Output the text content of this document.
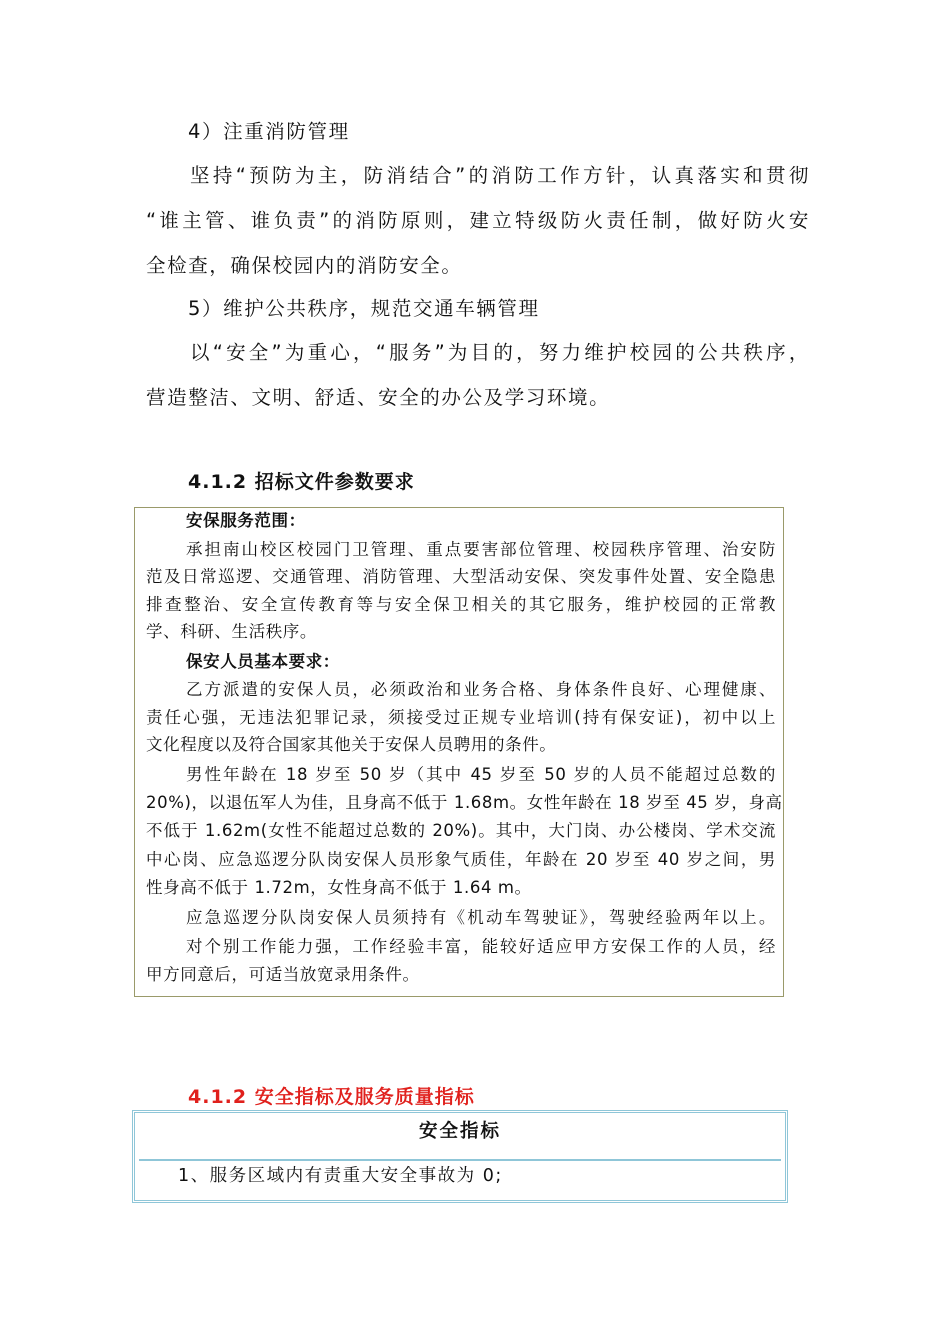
4）注重消防管理
坚持“预防为主，防消结合”的消防工作方针，认真落实和贯彻
“谁主管、谁负责”的消防原则，建立特级防火责任制，做好防火安
全检查，确保校园内的消防安全。
5）维护公共秩序，规范交通车辆管理
以“安全”为重心，“服务”为目的，努力维护校园的公共秩序，
营造整洁、文明、舒适、安全的办公及学习环境。
4.1.2 招标文件参数要求
安保服务范围：
承担南山校区校园门卫管理、重点要害部位管理、校园秩序管理、治安防
范及日常巡逻、交通管理、消防管理、大型活动安保、突发事件处置、安全隐患
排查整治、安全宣传教育等与安全保卫相关的其它服务，维护校园的正常教
学、科研、生活秩序。
保安人员基本要求：
乙方派遣的安保人员，必须政治和业务合格、身体条件良好、心理健康、
责任心强，无违法犯罪记录，须接受过正规专业培训(持有保安证)，初中以上
文化程度以及符合国家其他关于安保人员聘用的条件。
男性年龄在 18 岁至 50 岁（其中 45 岁至 50 岁的人员不能超过总数的
20%)，以退伍军人为佳，且身高不低于 1.68m。女性年龄在 18 岁至 45 岁，身高
不低于 1.62m(女性不能超过总数的 20%)。其中，大门岗、办公楼岗、学术交流
中心岗、应急巡逻分队岗安保人员形象气质佳，年龄在 20 岁至 40 岁之间，男
性身高不低于 1.72m，女性身高不低于 1.64 m。
应急巡逻分队岗安保人员须持有《机动车驾驶证》，驾驶经验两年以上。
对个别工作能力强，工作经验丰富，能较好适应甲方安保工作的人员，经
甲方同意后，可适当放宽录用条件。
4.1.2 安全指标及服务质量指标
安全指标
1、服务区域内有责重大安全事故为 0;
